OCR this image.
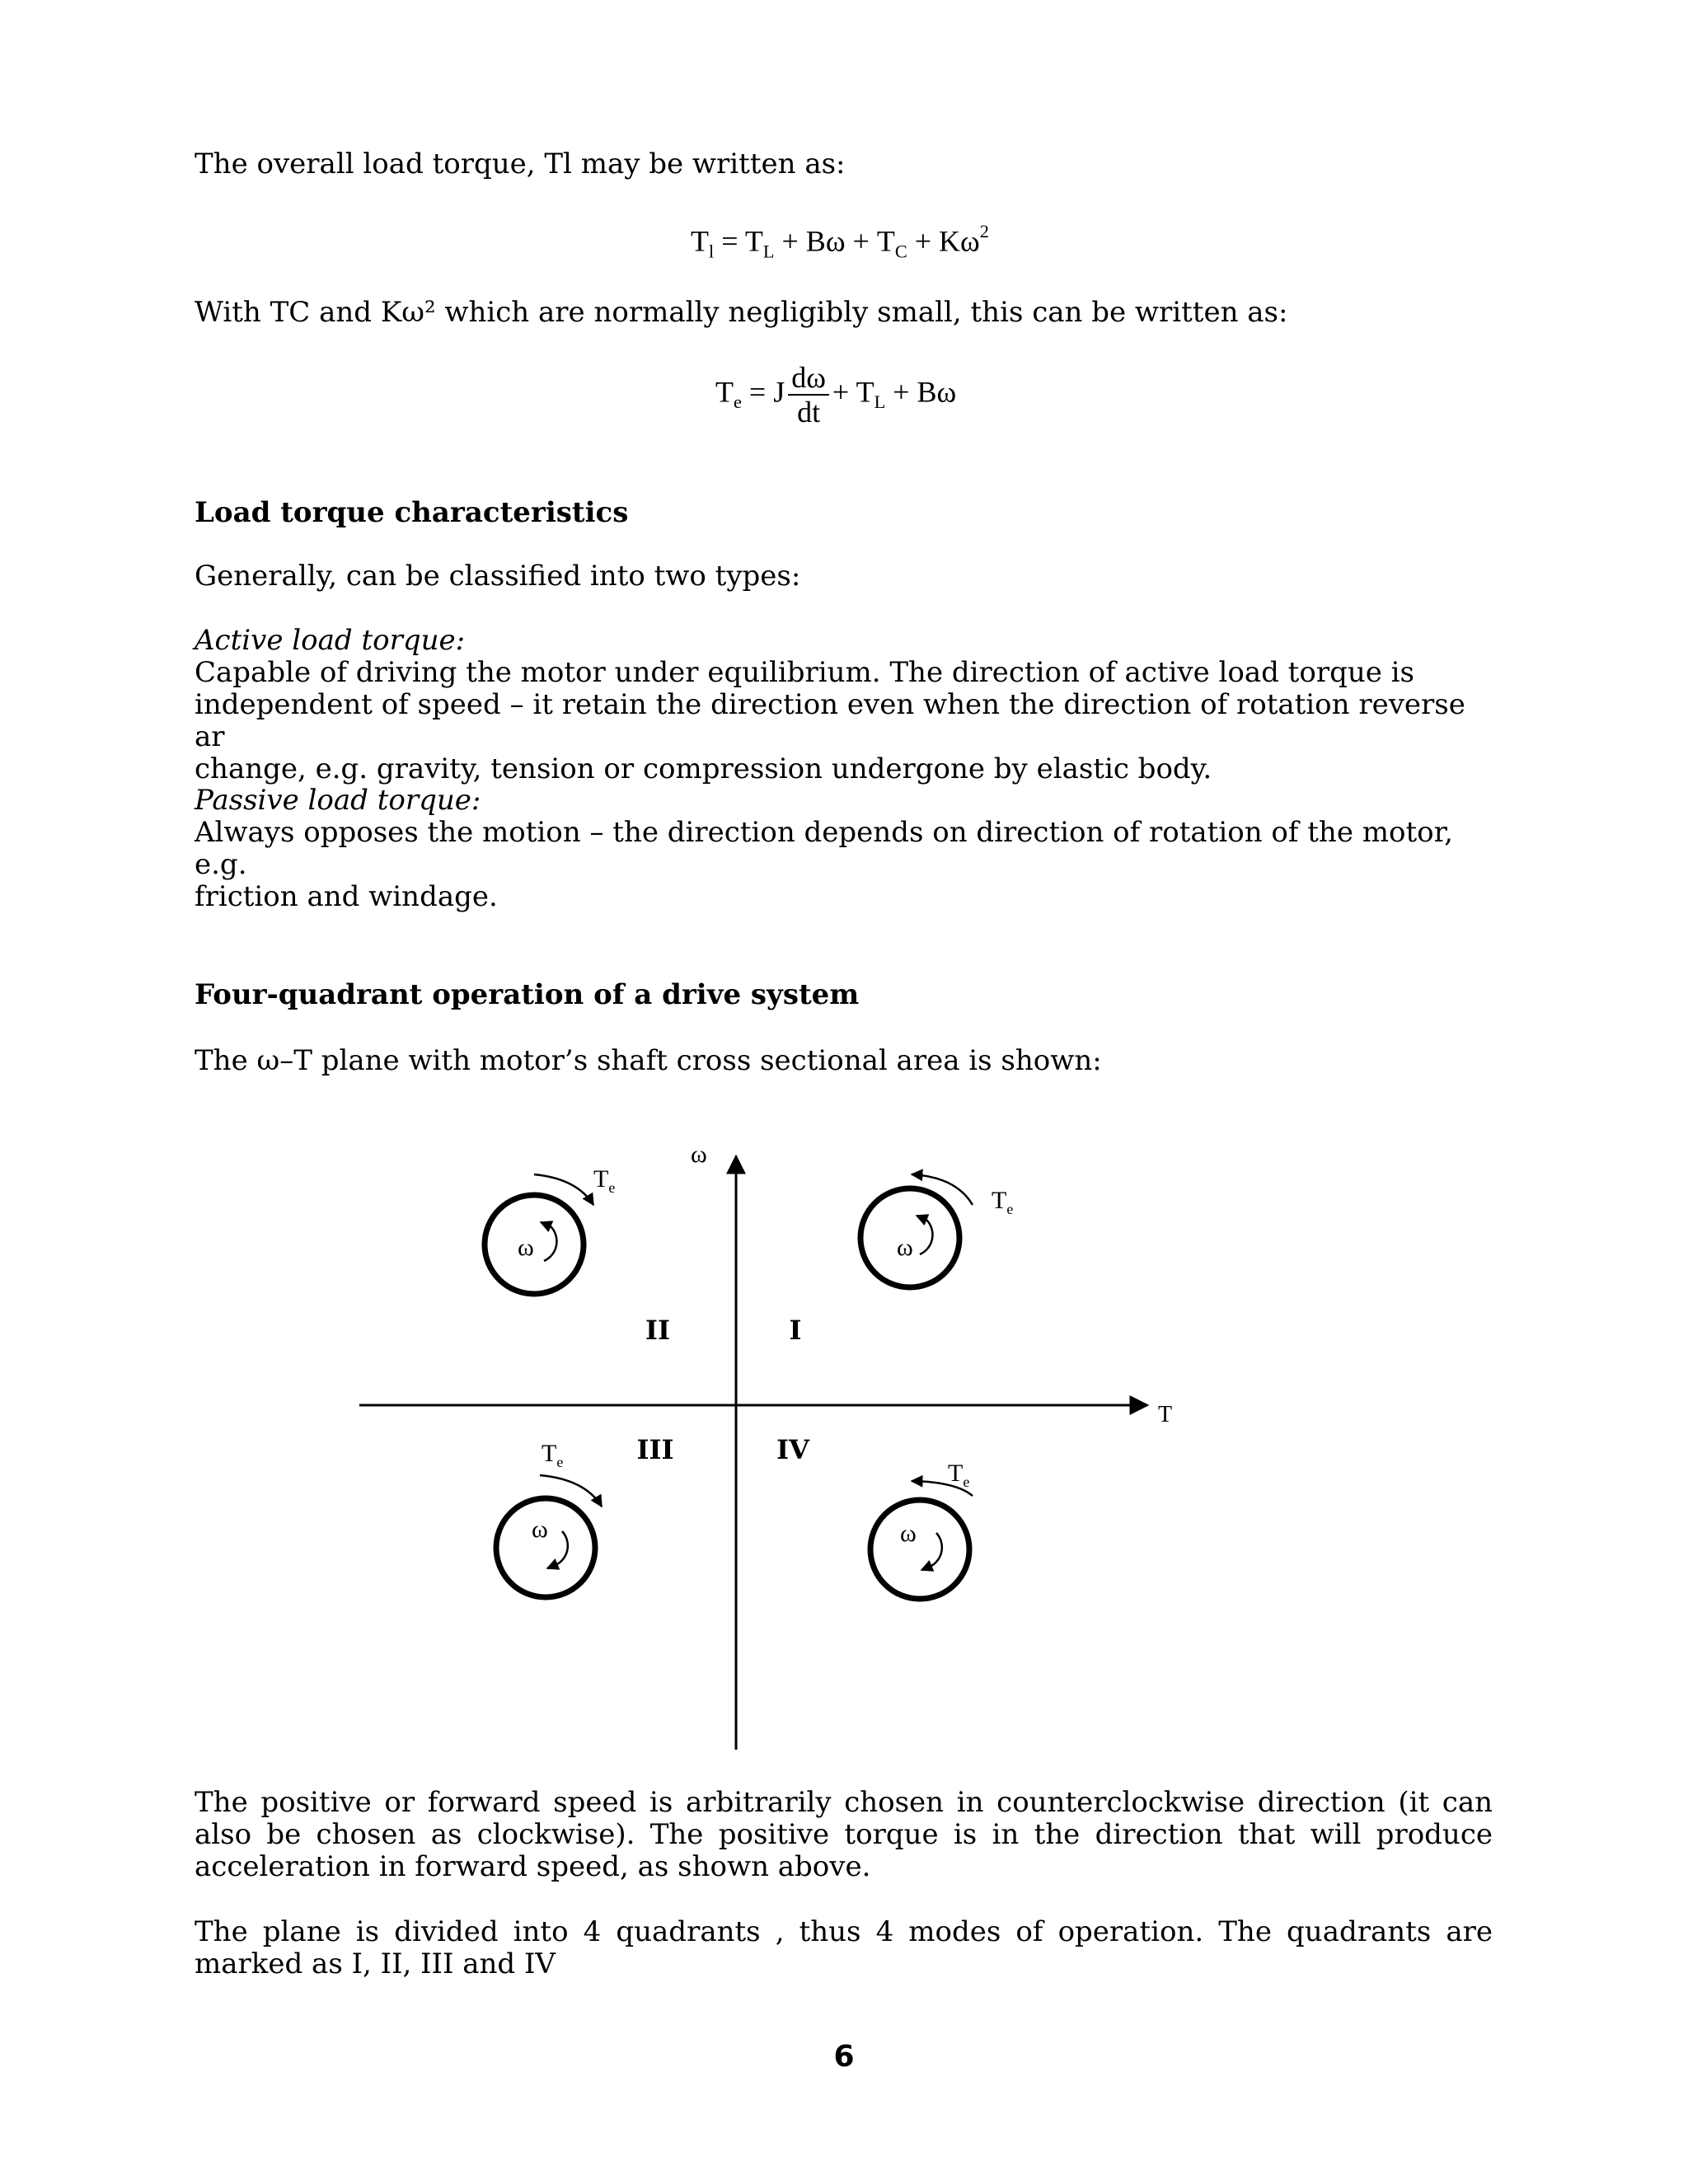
The overall load torque, Tl may be written as:

$T_l = T_L + B\omega + T_C + K\omega^2$

With TC and Kω² which are normally negligibly small, this can be written as:

$T_e = J \frac{d\omega}{dt} + T_L + B\omega$

Load torque characteristics

Generally, can be classified into two types:

Active load torque:
Capable of driving the motor under equilibrium. The direction of active load torque is
independent of speed – it retain the direction even when the direction of rotation reverse ar
change, e.g. gravity, tension or compression undergone by elastic body.
Passive load torque:
Always opposes the motion – the direction depends on direction of rotation of the motor, e.g.
friction and windage.

Four-quadrant operation of a drive system

The ω–T plane with motor’s shaft cross sectional area is shown:

ω
T
I
II
III	IV
ω
$T_e$
ω
$T_e$
ω
$T_e$
ω
$T_e$

The positive or forward speed is arbitrarily chosen in counterclockwise direction (it can also be chosen as clockwise). The positive torque is in the direction that will produce acceleration in forward speed, as shown above.

The plane is divided into 4 quadrants , thus 4 modes of operation. The quadrants are marked as I, II, III and IV

6
